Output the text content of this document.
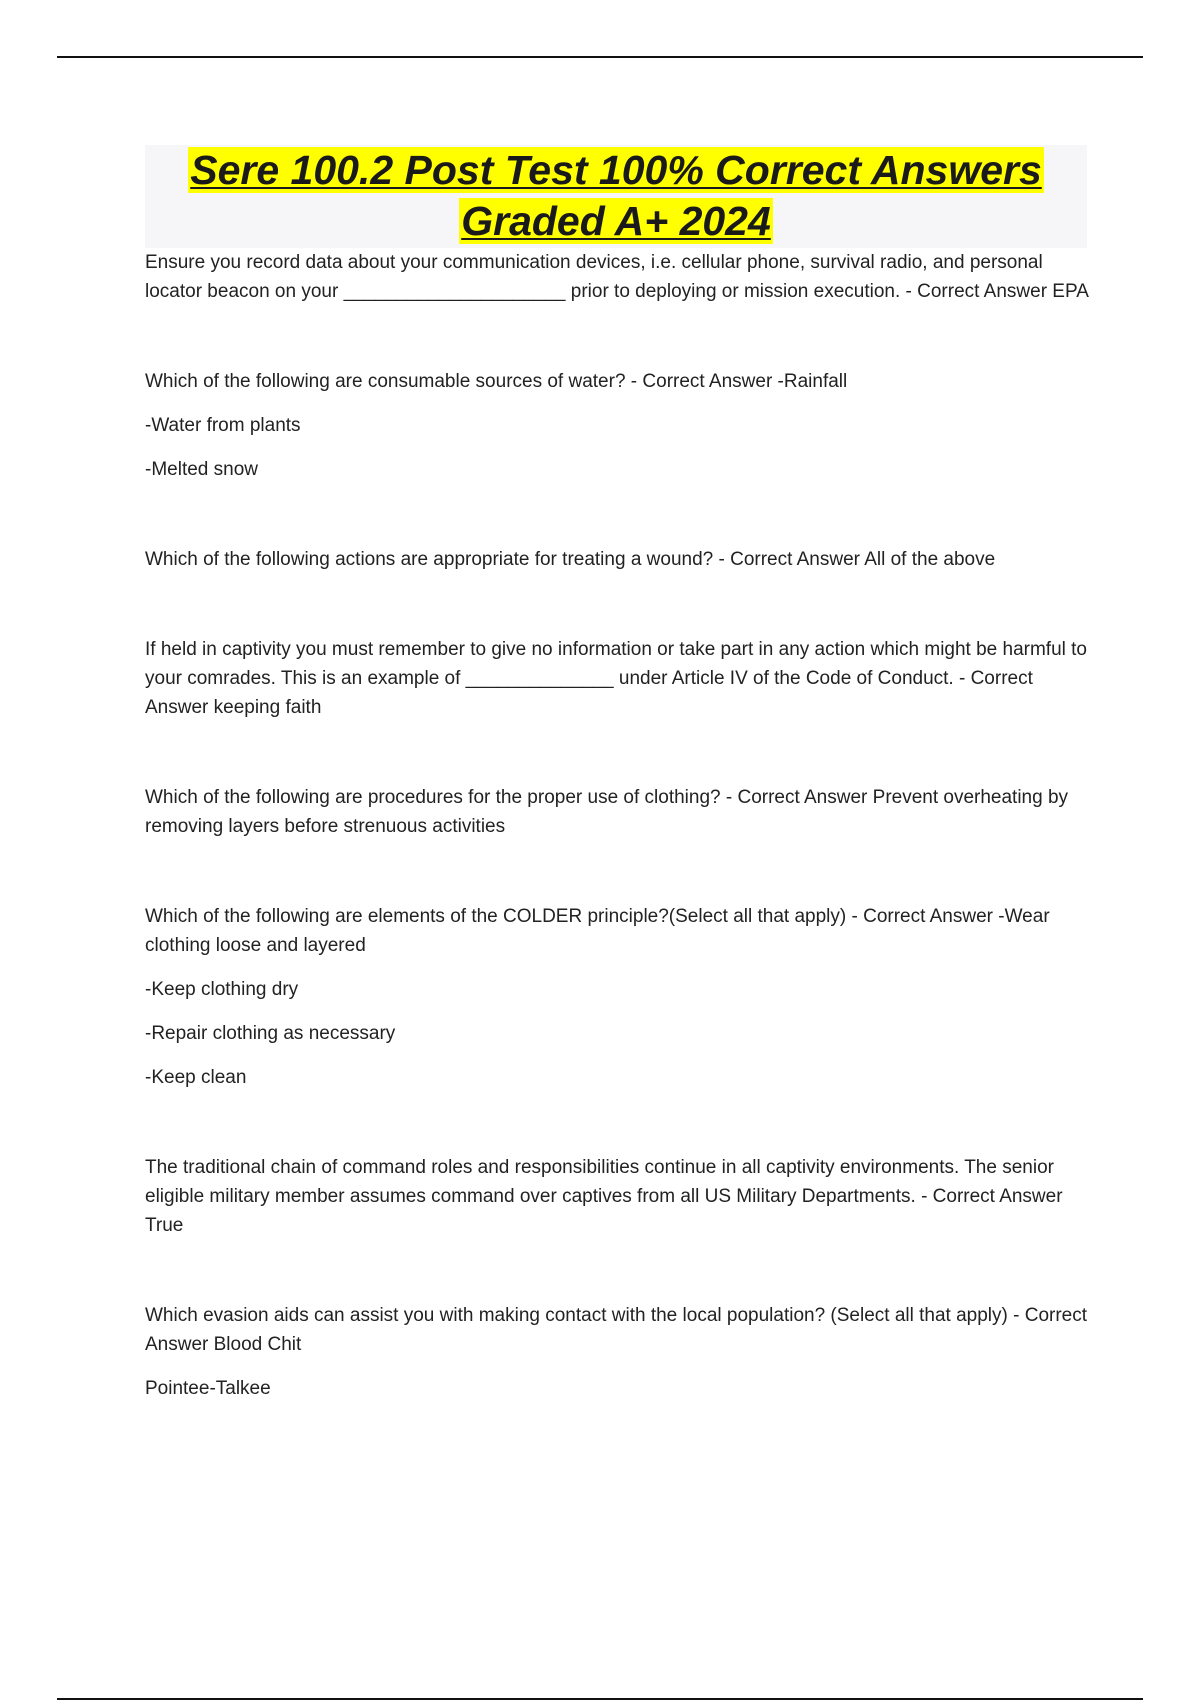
Sere 100.2 Post Test 100% Correct Answers
Graded A+ 2024

Ensure you record data about your communication devices, i.e. cellular phone, survival radio, and personal locator beacon on your _____________________ prior to deploying or mission execution. - Correct Answer EPA

Which of the following are consumable sources of water? - Correct Answer -Rainfall

-Water from plants

-Melted snow

Which of the following actions are appropriate for treating a wound? - Correct Answer All of the above

If held in captivity you must remember to give no information or take part in any action which might be harmful to your comrades. This is an example of ______________ under Article IV of the Code of Conduct. - Correct Answer keeping faith

Which of the following are procedures for the proper use of clothing? - Correct Answer Prevent overheating by removing layers before strenuous activities

Which of the following are elements of the COLDER principle?(Select all that apply) - Correct Answer -Wear clothing loose and layered

-Keep clothing dry

-Repair clothing as necessary

-Keep clean

The traditional chain of command roles and responsibilities continue in all captivity environments. The senior eligible military member assumes command over captives from all US Military Departments. - Correct Answer True

Which evasion aids can assist you with making contact with the local population? (Select all that apply) - Correct Answer Blood Chit

Pointee-Talkee
